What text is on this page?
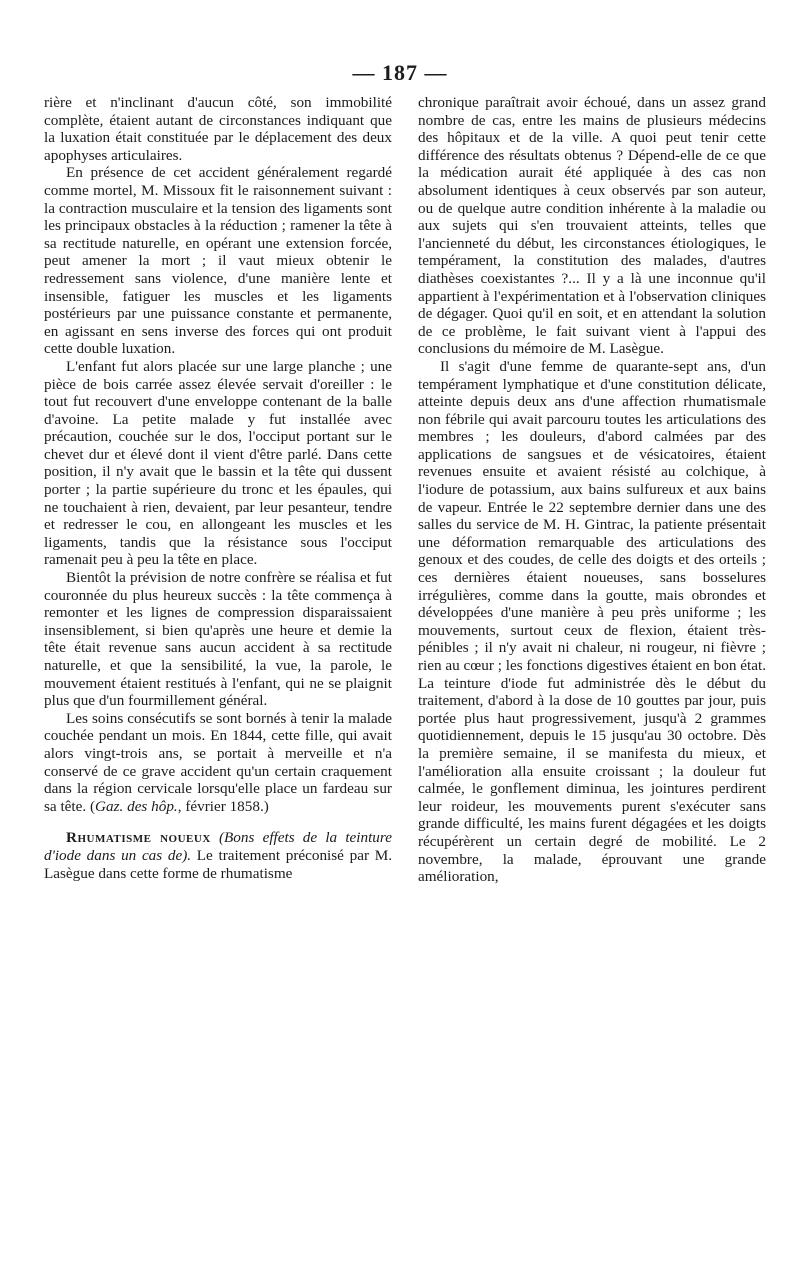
— 187 —

rière et n'inclinant d'aucun côté, son immobilité complète, étaient autant de circonstances indiquant que la luxation était constituée par le déplacement des deux apophyses articulaires.

En présence de cet accident généralement regardé comme mortel, M. Missoux fit le raisonnement suivant : la contraction musculaire et la tension des ligaments sont les principaux obstacles à la réduction ; ramener la tête à sa rectitude naturelle, en opérant une extension forcée, peut amener la mort ; il vaut mieux obtenir le redressement sans violence, d'une manière lente et insensible, fatiguer les muscles et les ligaments postérieurs par une puissance constante et permanente, en agissant en sens inverse des forces qui ont produit cette double luxation.

L'enfant fut alors placée sur une large planche ; une pièce de bois carrée assez élevée servait d'oreiller : le tout fut recouvert d'une enveloppe contenant de la balle d'avoine. La petite malade y fut installée avec précaution, couchée sur le dos, l'occiput portant sur le chevet dur et élevé dont il vient d'être parlé. Dans cette position, il n'y avait que le bassin et la tête qui dussent porter ; la partie supérieure du tronc et les épaules, qui ne touchaient à rien, devaient, par leur pesanteur, tendre et redresser le cou, en allongeant les muscles et les ligaments, tandis que la résistance sous l'occiput ramenait peu à peu la tête en place.

Bientôt la prévision de notre confrère se réalisa et fut couronnée du plus heureux succès : la tête commença à remonter et les lignes de compression disparaissaient insensiblement, si bien qu'après une heure et demie la tête était revenue sans aucun accident à sa rectitude naturelle, et que la sensibilité, la vue, la parole, le mouvement étaient restitués à l'enfant, qui ne se plaignit plus que d'un fourmillement général.

Les soins consécutifs se sont bornés à tenir la malade couchée pendant un mois. En 1844, cette fille, qui avait alors vingt-trois ans, se portait à merveille et n'a conservé de ce grave accident qu'un certain craquement dans la région cervicale lorsqu'elle place un fardeau sur sa tête. (Gaz. des hôp., février 1858.)

Rhumatisme noueux (Bons effets de la teinture d'iode dans un cas de). Le traitement préconisé par M. Lasègue dans cette forme de rhumatisme

chronique paraîtrait avoir échoué, dans un assez grand nombre de cas, entre les mains de plusieurs médecins des hôpitaux et de la ville. A quoi peut tenir cette différence des résultats obtenus ? Dépend-elle de ce que la médication aurait été appliquée à des cas non absolument identiques à ceux observés par son auteur, ou de quelque autre condition inhérente à la maladie ou aux sujets qui s'en trouvaient atteints, telles que l'ancienneté du début, les circonstances étiologiques, le tempérament, la constitution des malades, d'autres diathèses coexistantes ?... Il y a là une inconnue qu'il appartient à l'expérimentation et à l'observation cliniques de dégager. Quoi qu'il en soit, et en attendant la solution de ce problème, le fait suivant vient à l'appui des conclusions du mémoire de M. Lasègue.

Il s'agit d'une femme de quarante-sept ans, d'un tempérament lymphatique et d'une constitution délicate, atteinte depuis deux ans d'une affection rhumatismale non fébrile qui avait parcouru toutes les articulations des membres ; les douleurs, d'abord calmées par des applications de sangsues et de vésicatoires, étaient revenues ensuite et avaient résisté au colchique, à l'iodure de potassium, aux bains sulfureux et aux bains de vapeur. Entrée le 22 septembre dernier dans une des salles du service de M. H. Gintrac, la patiente présentait une déformation remarquable des articulations des genoux et des coudes, de celle des doigts et des orteils ; ces dernières étaient noueuses, sans bosselures irrégulières, comme dans la goutte, mais obrondes et développées d'une manière à peu près uniforme ; les mouvements, surtout ceux de flexion, étaient très-pénibles ; il n'y avait ni chaleur, ni rougeur, ni fièvre ; rien au cœur ; les fonctions digestives étaient en bon état. La teinture d'iode fut administrée dès le début du traitement, d'abord à la dose de 10 gouttes par jour, puis portée plus haut progressivement, jusqu'à 2 grammes quotidiennement, depuis le 15 jusqu'au 30 octobre. Dès la première semaine, il se manifesta du mieux, et l'amélioration alla ensuite croissant ; la douleur fut calmée, le gonflement diminua, les jointures perdirent leur roideur, les mouvements purent s'exécuter sans grande difficulté, les mains furent dégagées et les doigts récupérèrent un certain degré de mobilité. Le 2 novembre, la malade, éprouvant une grande amélioration,
